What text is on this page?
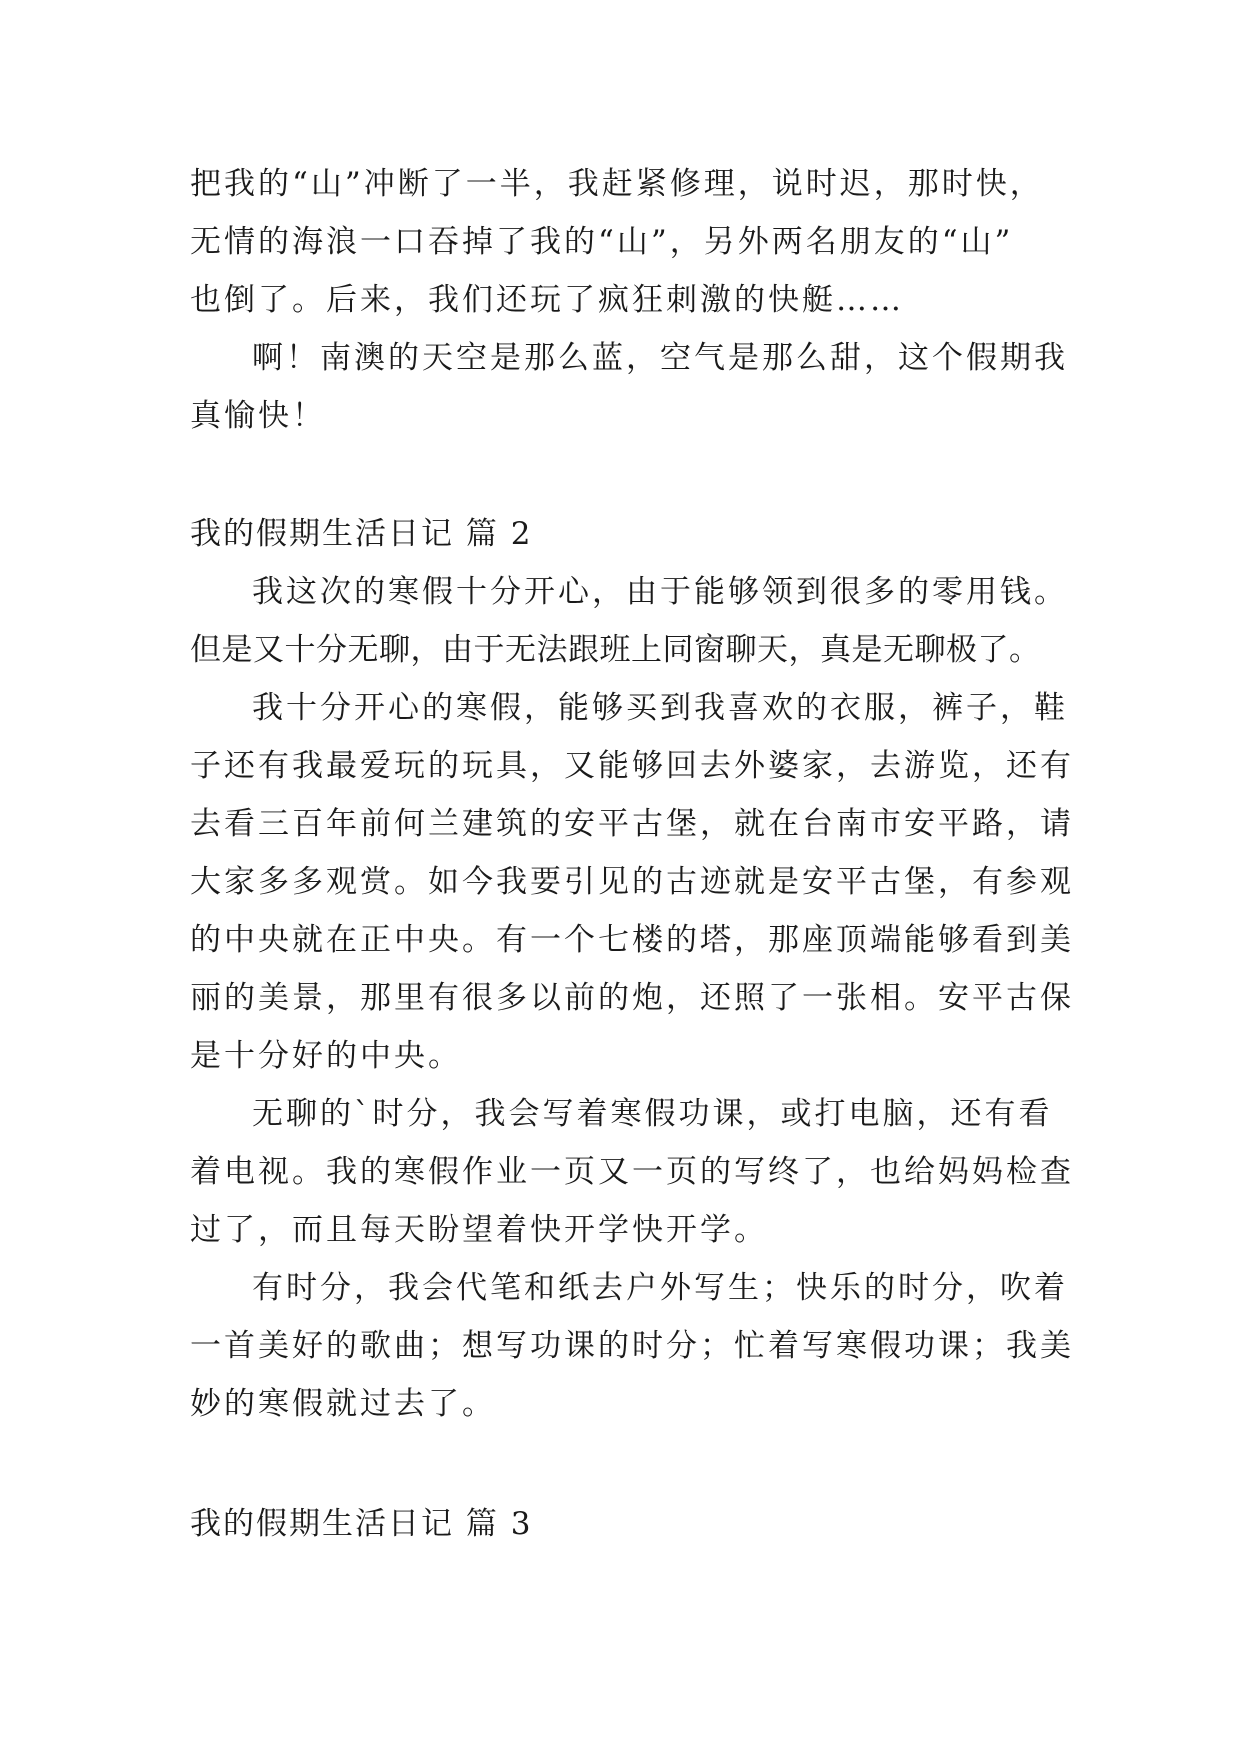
把我的“山”冲断了一半，我赶紧修理，说时迟，那时快，
无情的海浪一口吞掉了我的“山”，另外两名朋友的“山”
也倒了。后来，我们还玩了疯狂刺激的快艇……
啊！南澳的天空是那么蓝，空气是那么甜，这个假期我
真愉快！
我的假期生活日记 篇 2
我这次的寒假十分开心，由于能够领到很多的零用钱。
但是又十分无聊，由于无法跟班上同窗聊天，真是无聊极了。
我十分开心的寒假，能够买到我喜欢的衣服，裤子，鞋
子还有我最爱玩的玩具，又能够回去外婆家，去游览，还有
去看三百年前何兰建筑的安平古堡，就在台南市安平路，请
大家多多观赏。如今我要引见的古迹就是安平古堡，有参观
的中央就在正中央。有一个七楼的塔，那座顶端能够看到美
丽的美景，那里有很多以前的炮，还照了一张相。安平古保
是十分好的中央。
无聊的`时分，我会写着寒假功课，或打电脑，还有看
着电视。我的寒假作业一页又一页的写终了，也给妈妈检查
过了，而且每天盼望着快开学快开学。
有时分，我会代笔和纸去户外写生；快乐的时分，吹着
一首美好的歌曲；想写功课的时分；忙着写寒假功课；我美
妙的寒假就过去了。
我的假期生活日记 篇 3
